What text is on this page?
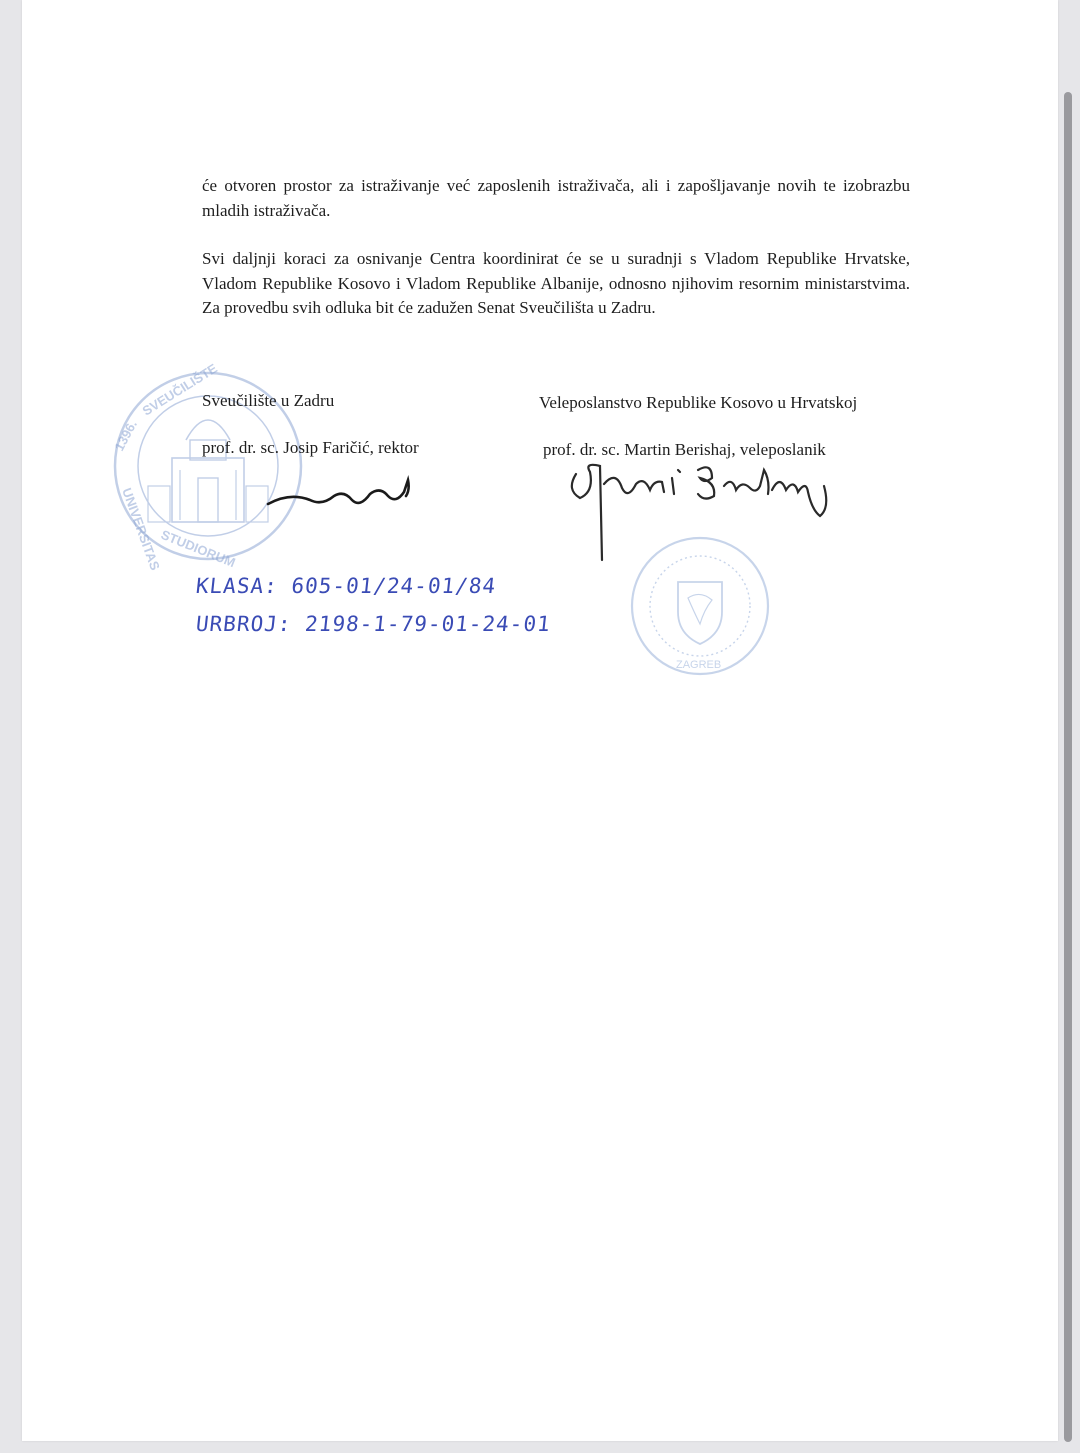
1396.
SVEUČILIŠTE
UNIVERSITAS
STUDIORUM
ZAGREB
će otvoren prostor za istraživanje već zaposlenih istraživača, ali i zapošljavanje novih te izobrazbu mladih istraživača.
Svi daljnji koraci za osnivanje Centra koordinirat će se u suradnji s Vladom Republike Hrvatske, Vladom Republike Kosovo i Vladom Republike Albanije, odnosno njihovim resornim ministarstvima. Za provedbu svih odluka bit će zadužen Senat Sveučilišta u Zadru.
Sveučilište u Zadru
prof. dr. sc. Josip Faričić, rektor
Veleposlanstvo Republike Kosovo u Hrvatskoj
prof. dr. sc. Martin Berishaj, veleposlanik
KLASA: 605-01/24-01/84
URBROJ: 2198-1-79-01-24-01
